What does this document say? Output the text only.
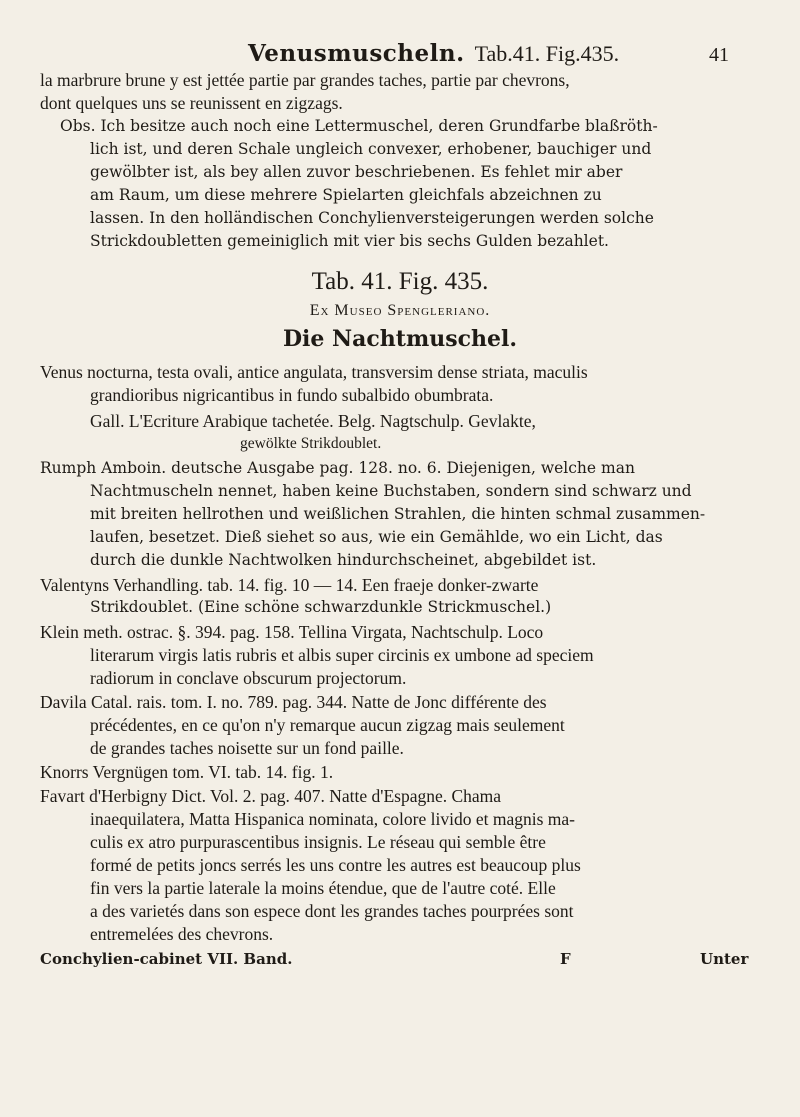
Venusmuscheln. Tab.41. Fig.435.	41
la marbrure brune y est jettée partie par grandes taches, partie par chevrons,
dont quelques uns se reunissent en zigzags.
Obs. Ich besitze auch noch eine Lettermuschel, deren Grundfarbe blaßröth-
lich ist, und deren Schale ungleich convexer, erhobener, bauchiger und
gewölbter ist, als bey allen zuvor beschriebenen. Es fehlet mir aber
am Raum, um diese mehrere Spielarten gleichfals abzeichnen zu
lassen. In den holländischen Conchylienversteigerungen werden solche
Strickdoubletten gemeiniglich mit vier bis sechs Gulden bezahlet.
Tab. 41. Fig. 435.
Ex Museo Spengleriano.
Die Nachtmuschel.
Venus nocturna, testa ovali, antice angulata, transversim dense striata, maculis
grandioribus nigricantibus in fundo subalbido obumbrata.
Gall. L'Ecriture Arabique tachetée. Belg. Nagtschulp. Gevlakte,
gewölkte Strikdoublet.
Rumph Amboin. deutsche Ausgabe pag. 128. no. 6. Diejenigen, welche man
Nachtmuscheln nennet, haben keine Buchstaben, sondern sind schwarz und
mit breiten hellrothen und weißlichen Strahlen, die hinten schmal zusammen-
laufen, besetzet. Dieß siehet so aus, wie ein Gemählde, wo ein Licht, das
durch die dunkle Nachtwolken hindurchscheinet, abgebildet ist.
Valentyns Verhandling. tab. 14. fig. 10 — 14. Een fraeje donker-zwarte
Strikdoublet. (Eine schöne schwarzdunkle Strickmuschel.)
Klein meth. ostrac. §. 394. pag. 158. Tellina Virgata, Nachtschulp. Loco
literarum virgis latis rubris et albis super circinis ex umbone ad speciem
radiorum in conclave obscurum projectorum.
Davila Catal. rais. tom. I. no. 789. pag. 344. Natte de Jonc différente des
précédentes, en ce qu'on n'y remarque aucun zigzag mais seulement
de grandes taches noisette sur un fond paille.
Knorrs Vergnügen tom. VI. tab. 14. fig. 1.
Favart d'Herbigny Dict. Vol. 2. pag. 407. Natte d'Espagne. Chama
inaequilatera, Matta Hispanica nominata, colore livido et magnis ma-
culis ex atro purpurascentibus insignis. Le réseau qui semble être
formé de petits joncs serrés les uns contre les autres est beaucoup plus
fin vers la partie laterale la moins étendue, que de l'autre coté. Elle
a des varietés dans son espece dont les grandes taches pourprées sont
entremelées des chevrons.
Conchylien-cabinet VII. Band.	F	Unter
